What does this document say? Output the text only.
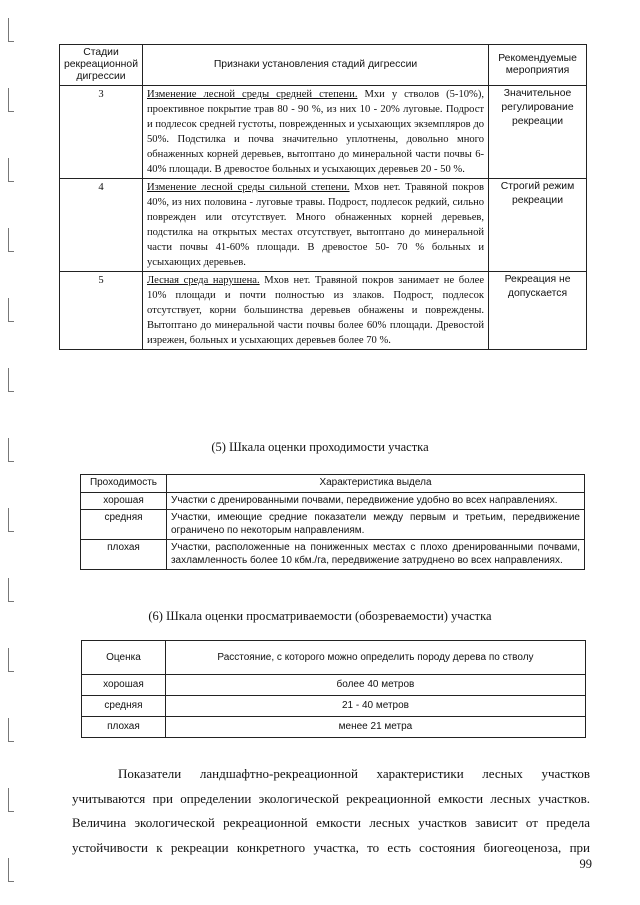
Стадии рекреационной дигрессии	Признаки установления стадий дигрессии	Рекомендуемые мероприятия
3	Изменение лесной среды средней степени. Мхи у стволов (5-10%), проективное покрытие трав 80 - 90 %, из них 10 - 20% луговые. Подрост и подлесок средней густоты, поврежденных и усыхающих экземпляров до 50%. Подстилка и почва значительно уплотнены, довольно много обнаженных корней деревьев, вытоптано до минеральной части почвы 6-40% площади. В древостое больных и усыхающих деревьев 20 - 50 %.	Значительное регулирование рекреации
4	Изменение лесной среды сильной степени. Мхов нет. Травяной покров 40%, из них половина - луговые травы. Подрост, подлесок редкий, сильно поврежден или отсутствует. Много обнаженных корней деревьев, подстилка на открытых местах отсутствует, вытоптано до минеральной части почвы 41-60% площади. В древостое 50- 70 % больных и усыхающих деревьев.	Строгий режим рекреации
5	Лесная среда нарушена. Мхов нет. Травяной покров занимает не более 10% площади и почти полностью из злаков. Подрост, подлесок отсутствует, корни большинства деревьев обнажены и повреждены. Вытоптано до минеральной части почвы более 60% площади. Древостой изрежен, больных и усыхающих деревьев более 70 %.	Рекреация не допускается
(5) Шкала оценки проходимости участка
Проходимость	Характеристика выдела
хорошая	Участки с дренированными почвами, передвижение удобно во всех направлениях.
средняя	Участки, имеющие средние показатели между первым и третьим, передвижение ограничено по некоторым направлениям.
плохая	Участки, расположенные на пониженных местах с плохо дренированными почвами, захламленность более 10 кбм./га, передвижение затруднено во всех направлениях.
(6) Шкала оценки просматриваемости (обозреваемости) участка
Оценка	Расстояние, с которого можно определить породу дерева по стволу
хорошая	более 40 метров
средняя	21 - 40 метров
плохая	менее 21 метра

Показатели ландшафтно-рекреационной характеристики лесных участков
учитываются при определении экологической рекреационной емкости лесных участков.
Величина экологической рекреационной емкости лесных участков зависит от предела
устойчивости к рекреации конкретного участка, то есть состояния биогеоценоза, при

99
